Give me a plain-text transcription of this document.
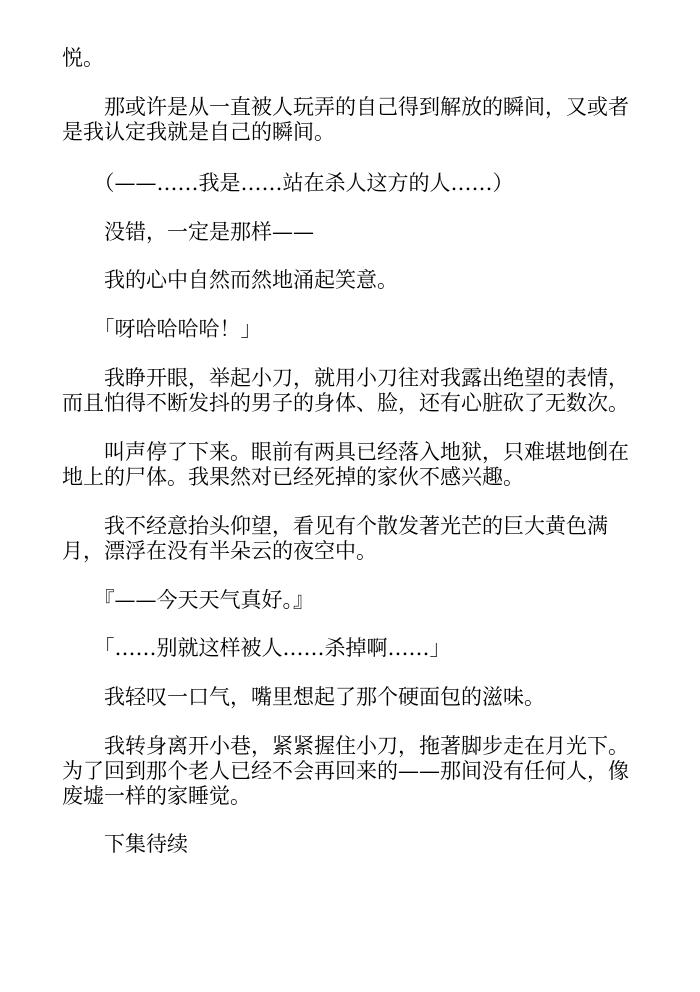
悦。

　　那或许是从一直被人玩弄的自己得到解放的瞬间，又或者
是我认定我就是自己的瞬间。

　　（——……我是……站在杀人这方的人……）

　　没错，一定是那样——

　　我的心中自然而然地涌起笑意。

　　「呀哈哈哈哈！」

　　我睁开眼，举起小刀，就用小刀往对我露出绝望的表情，
而且怕得不断发抖的男子的身体、脸，还有心脏砍了无数次。

　　叫声停了下来。眼前有两具已经落入地狱，只难堪地倒在
地上的尸体。我果然对已经死掉的家伙不感兴趣。

　　我不经意抬头仰望，看见有个散发著光芒的巨大黄色满
月，漂浮在没有半朵云的夜空中。

　　『——今天天气真好。』

　　「……别就这样被人……杀掉啊……」

　　我轻叹一口气，嘴里想起了那个硬面包的滋味。

　　我转身离开小巷，紧紧握住小刀，拖著脚步走在月光下。
为了回到那个老人已经不会再回来的——那间没有任何人，像
废墟一样的家睡觉。

　　下集待续
